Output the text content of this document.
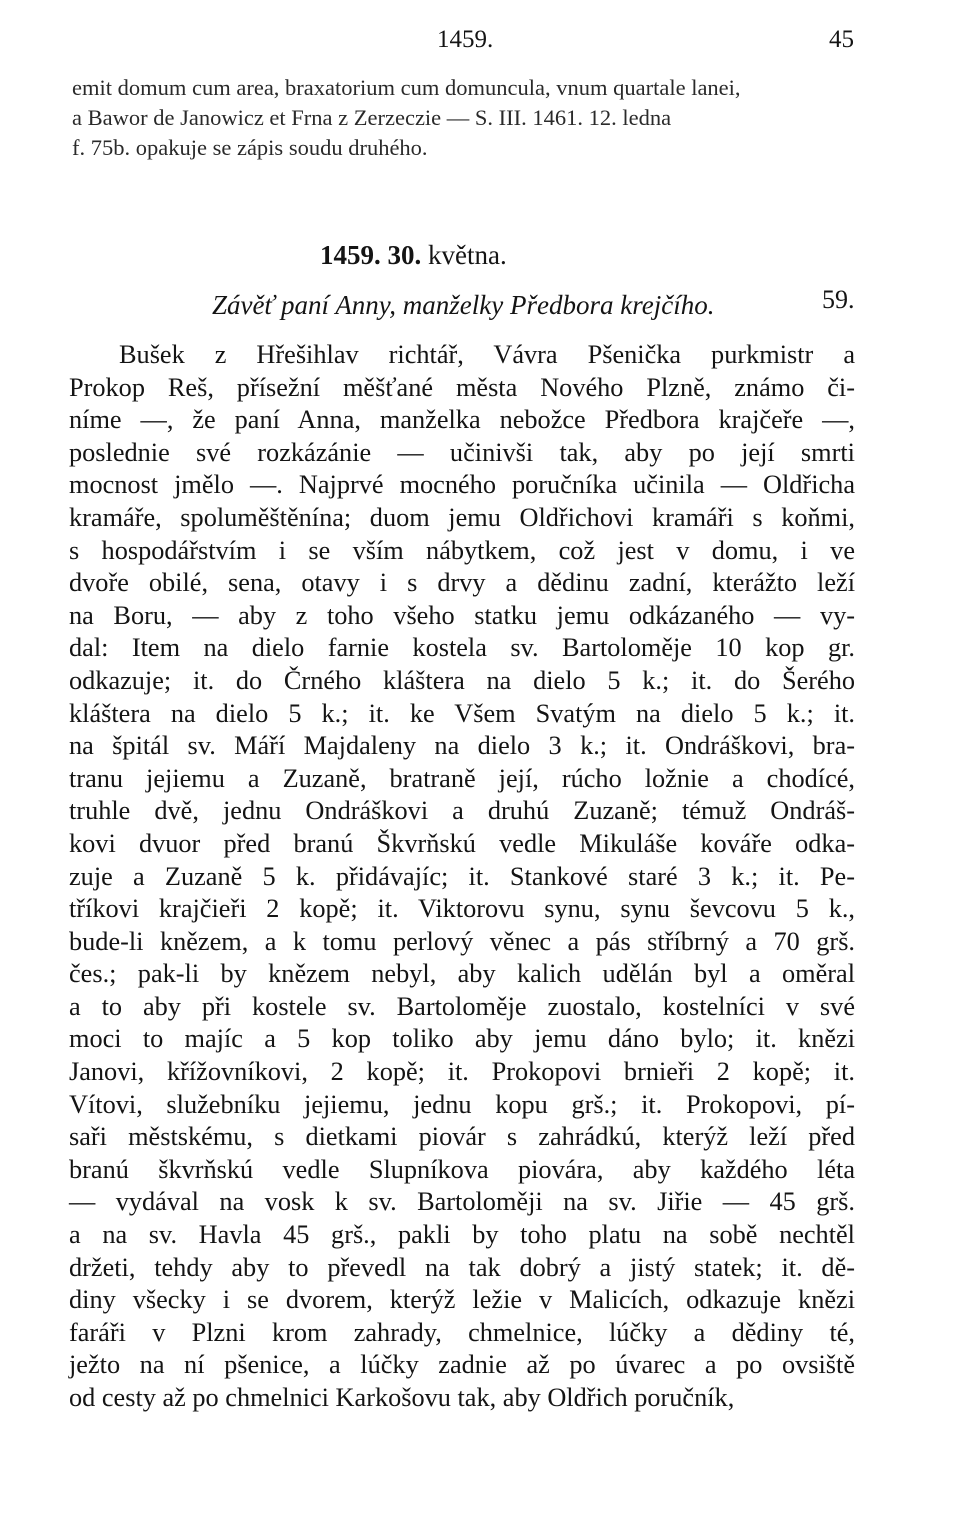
1459.	45
emit domum cum area, braxatorium cum domuncula, vnum quartale lanei,
a Bawor de Janowicz et Frna z Zerzeczie — S. III. 1461. 12. ledna
f. 75b. opakuje se zápis soudu druhého.
1459. 30. května.
Závěť paní Anny, manželky Předbora krejčího.	59.
Bušek z Hřešihlav richtář, Vávra Pšenička purkmistr a
Prokop Reš, přísežní měšťané města Nového Plzně, známo či-
níme —, že paní Anna, manželka nebožce Předbora krajčeře —,
poslednie své rozkázánie — učinivši tak, aby po její smrti
mocnost jmělo —. Najprvé mocného poručníka učinila — Oldřicha
kramáře, spoluměštěnína; duom jemu Oldřichovi kramáři s koňmi,
s hospodářstvím i se vším nábytkem, což jest v domu, i ve
dvoře obilé, sena, otavy i s drvy a dědinu zadní, kterážto leží
na Boru, — aby z toho všeho statku jemu odkázaného — vy-
dal: Item na dielo farnie kostela sv. Bartoloměje 10 kop gr.
odkazuje; it. do Črného kláštera na dielo 5 k.; it. do Šerého
kláštera na dielo 5 k.; it. ke Všem Svatým na dielo 5 k.; it.
na špitál sv. Máří Majdaleny na dielo 3 k.; it. Ondráškovi, bra-
tranu jejiemu a Zuzaně, bratraně její, rúcho ložnie a chodícé,
truhle dvě, jednu Ondráškovi a druhú Zuzaně; témuž Ondráš-
kovi dvuor před branú Škvrňskú vedle Mikuláše kováře odka-
zuje a Zuzaně 5 k. přidávajíc; it. Stankové staré 3 k.; it. Pe-
tříkovi krajčieři 2 kopě; it. Viktorovu synu, synu ševcovu 5 k.,
bude-li knězem, a k tomu perlový věnec a pás stříbrný a 70 grš.
čes.; pak-li by knězem nebyl, aby kalich udělán byl a oměral
a to aby při kostele sv. Bartoloměje zuostalo, kostelníci v své
moci to majíc a 5 kop toliko aby jemu dáno bylo; it. knězi
Janovi, křížovníkovi, 2 kopě; it. Prokopovi brnieři 2 kopě; it.
Vítovi, služebníku jejiemu, jednu kopu grš.; it. Prokopovi, pí-
saři městskému, s dietkami piovár s zahrádkú, kterýž leží před
branú škvrňskú vedle Slupníkova piovára, aby každého léta
— vydával na vosk k sv. Bartoloměji na sv. Jiřie — 45 grš.
a na sv. Havla 45 grš., pakli by toho platu na sobě nechtěl
držeti, tehdy aby to převedl na tak dobrý a jistý statek; it. dě-
diny všecky i se dvorem, kterýž ležie v Malicích, odkazuje knězi
faráři v Plzni krom zahrady, chmelnice, lúčky a dědiny té,
ježto na ní pšenice, a lúčky zadnie až po úvarec a po ovsiště
od cesty až po chmelnici Karkošovu tak, aby Oldřich poručník,
